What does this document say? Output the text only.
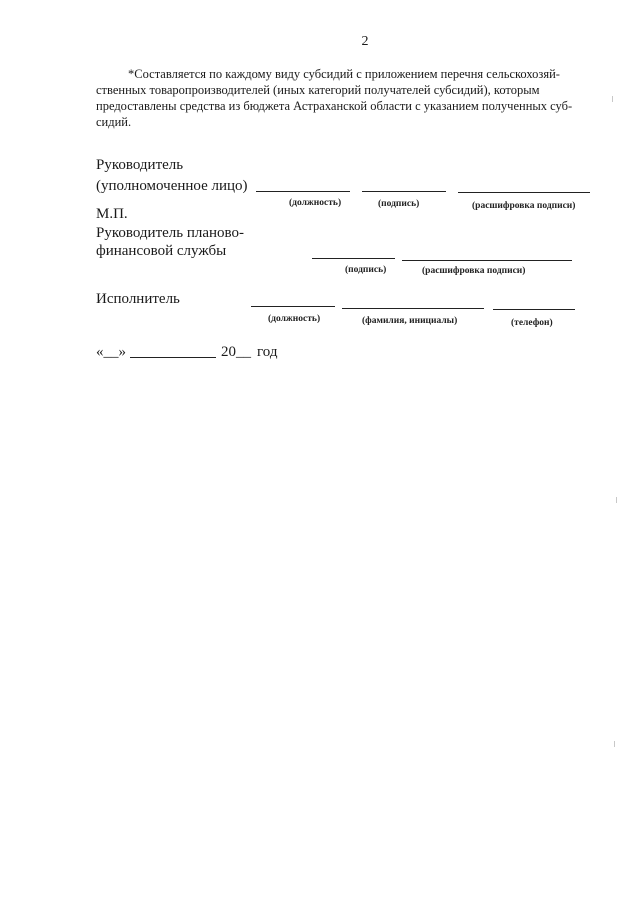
2

*Составляется по каждому виду субсидий с приложением перечня сельскохозяй-

ственных товаропроизводителей (иных категорий получателей субсидий), которым

предоставлены средства из бюджета Астраханской области с указанием полученных суб-

сидий.

Руководитель
(уполномоченное лицо)
(должность)	(подпись)	(расшифровка подписи)
М.П.
Руководитель планово-
финансовой службы
(подпись)	(расшифровка подписи)
Исполнитель
(должность)	(фамилия, инициалы)	(телефон)
«__»	20__ год
